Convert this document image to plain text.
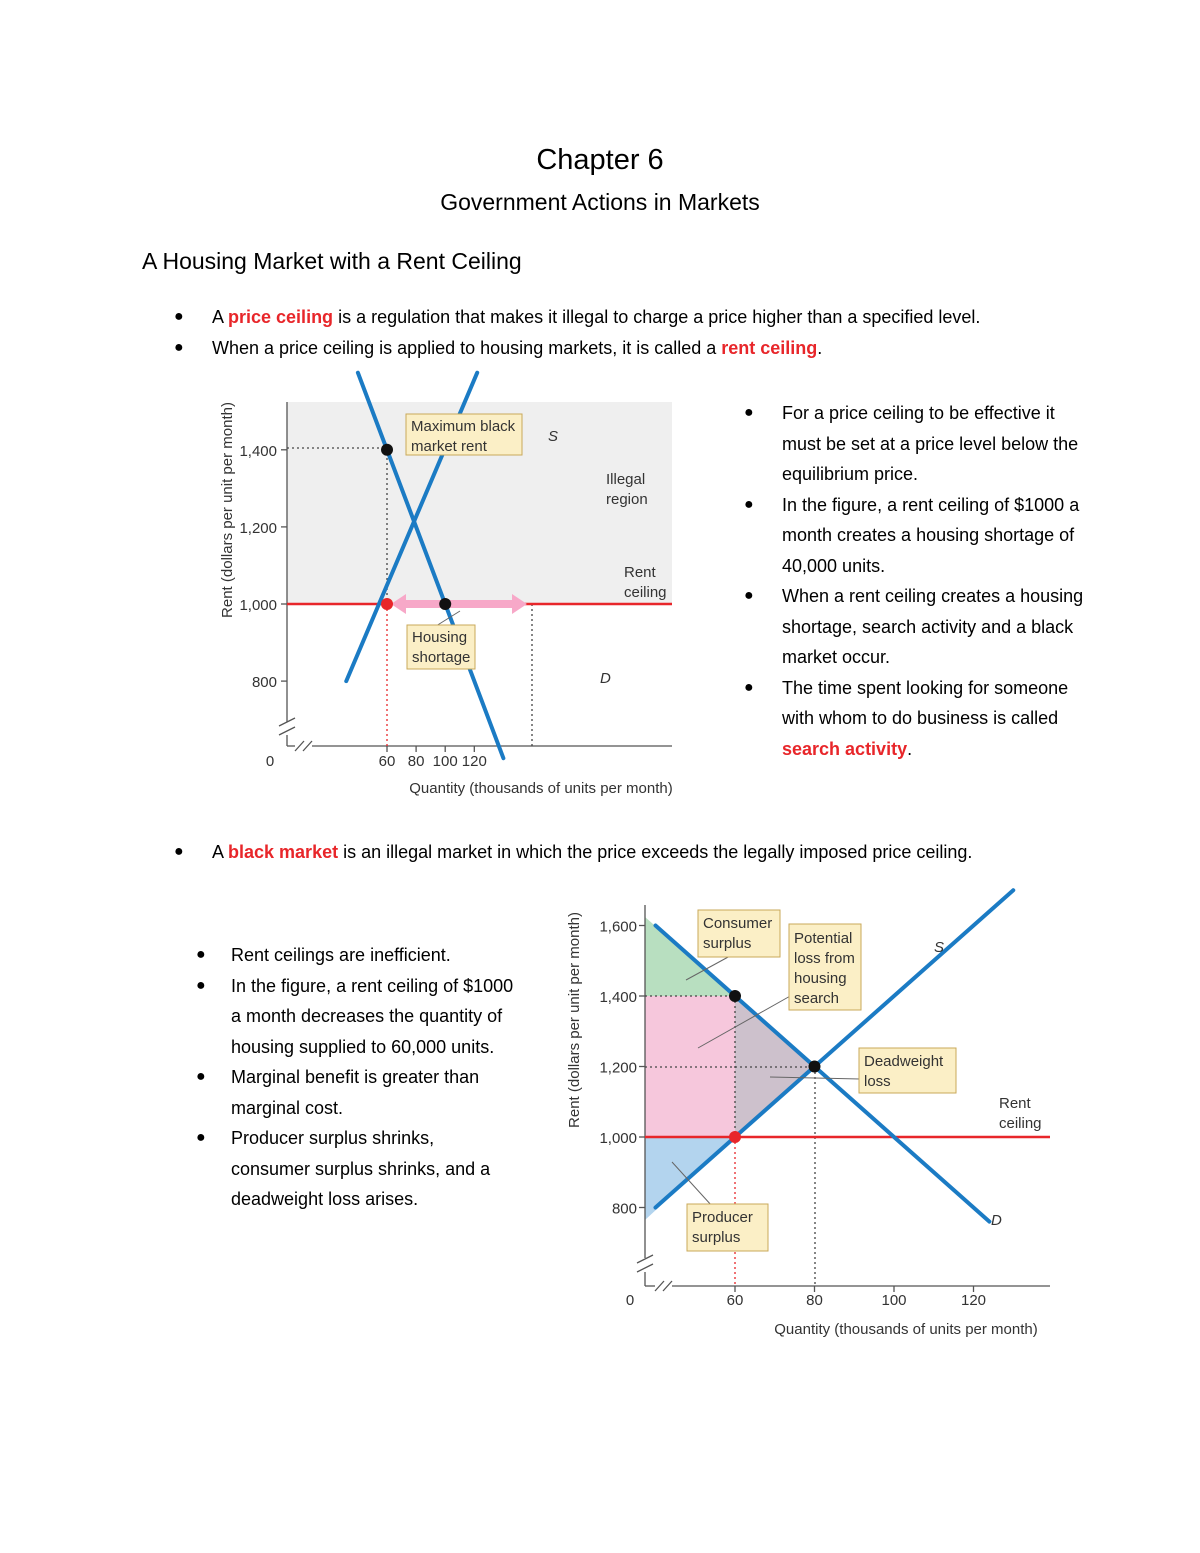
Chapter 6
Government Actions in Markets
A Housing Market with a Rent Ceiling
● A price ceiling is a regulation that makes it illegal to charge a price higher than a specified level.
● When a price ceiling is applied to housing markets, it is called a rent ceiling.
● For a price ceiling to be effective it must be set at a price level below the equilibrium price.
● In the figure, a rent ceiling of $1000 a month creates a housing shortage of 40,000 units.
● When a rent ceiling creates a housing shortage, search activity and a black market occur.
● The time spent looking for someone with whom to do business is called search activity.
● A black market is an illegal market in which the price exceeds the legally imposed price ceiling.
● Rent ceilings are inefficient.
● In the figure, a rent ceiling of $1000 a month decreases the quantity of housing supplied to 60,000 units.
● Marginal benefit is greater than marginal cost.
● Producer surplus shrinks, consumer surplus shrinks, and a deadweight loss arises.
800
1,000
1,200
1,400
0	60 80 100 120
S
D
Maximum black market rent
Housing shortage
Illegal region
Rent ceiling
Rent (dollars per unit per month)
Quantity (thousands of units per month)
800
1,000
1,200
1,400
1,600
0	60	80	100	120
S
D
Consumer surplus	Potential loss from housing search
Deadweight loss
Producer surplus
Rent ceiling
Rent (dollars per unit per month)
Quantity (thousands of units per month)
